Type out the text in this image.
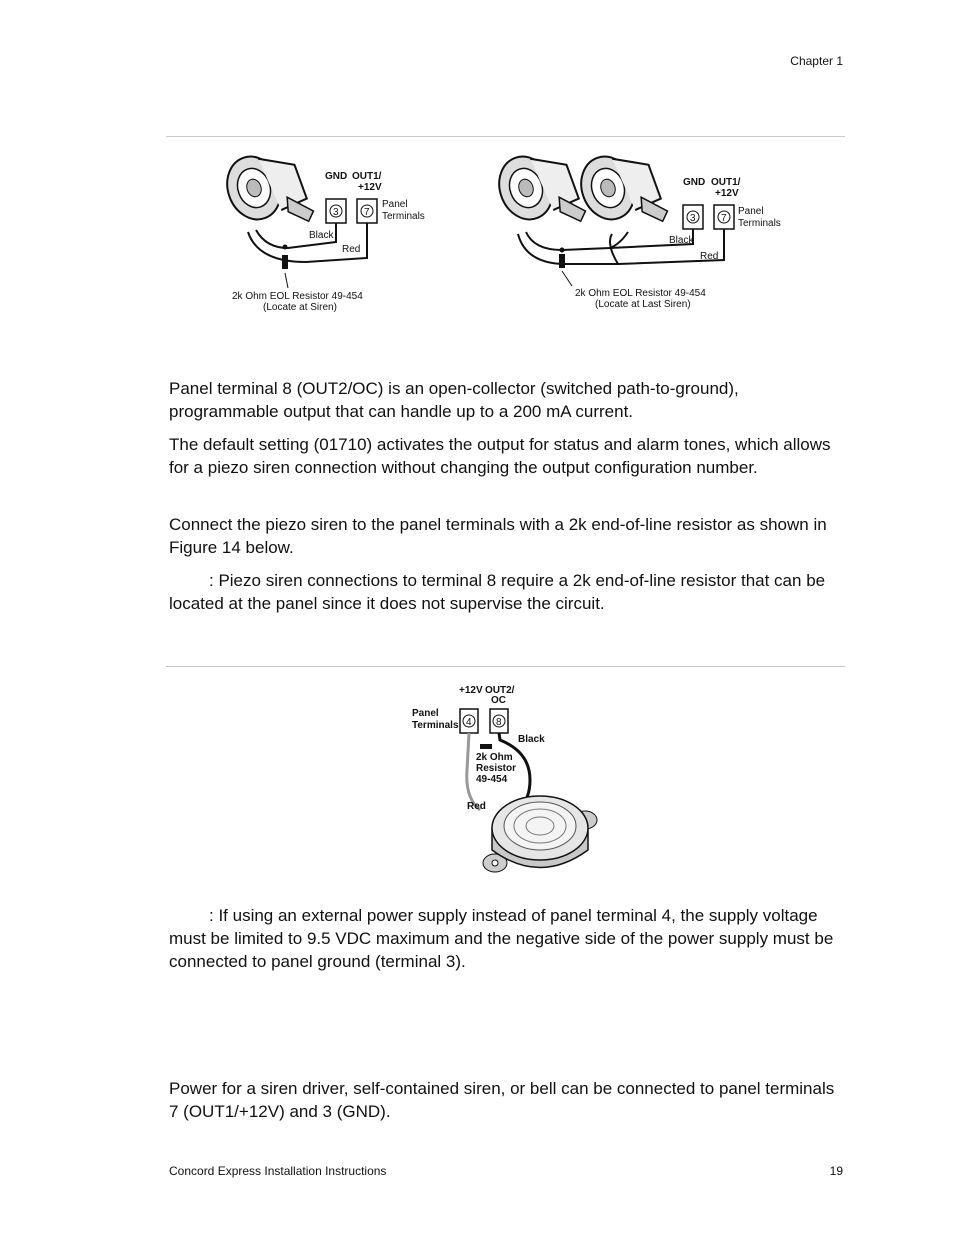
Chapter 1
GND OUT1/
+12V
3	7
Panel
Terminals
Black
Red
2k Ohm EOL Resistor 49-454
(Locate at Siren)
GND OUT1/
+12V
3	7
Panel
Terminals
Black
Red
2k Ohm EOL Resistor 49-454
(Locate at Last Siren)

Panel terminal 8 (OUT2/OC) is an open-collector (switched path-to-ground), programmable output that can handle up to a 200 mA current.

The default setting (01710) activates the output for status and alarm tones, which allows for a piezo siren connection without changing the output configuration number.

Connect the piezo siren to the panel terminals with a 2k end-of-line resistor as shown in Figure 14 below.

: Piezo siren connections to terminal 8 require a 2k end-of-line resistor that can be located at the panel since it does not supervise the circuit.

+12V OUT2/
OC
Panel
Terminals 4 8
Black
2k Ohm
Resistor
49-454
Red

: If using an external power supply instead of panel terminal 4, the supply voltage must be limited to 9.5 VDC maximum and the negative side of the power supply must be connected to panel ground (terminal 3).

Power for a siren driver, self-contained siren, or bell can be connected to panel terminals 7 (OUT1/+12V) and 3 (GND).

Concord Express Installation Instructions	19
